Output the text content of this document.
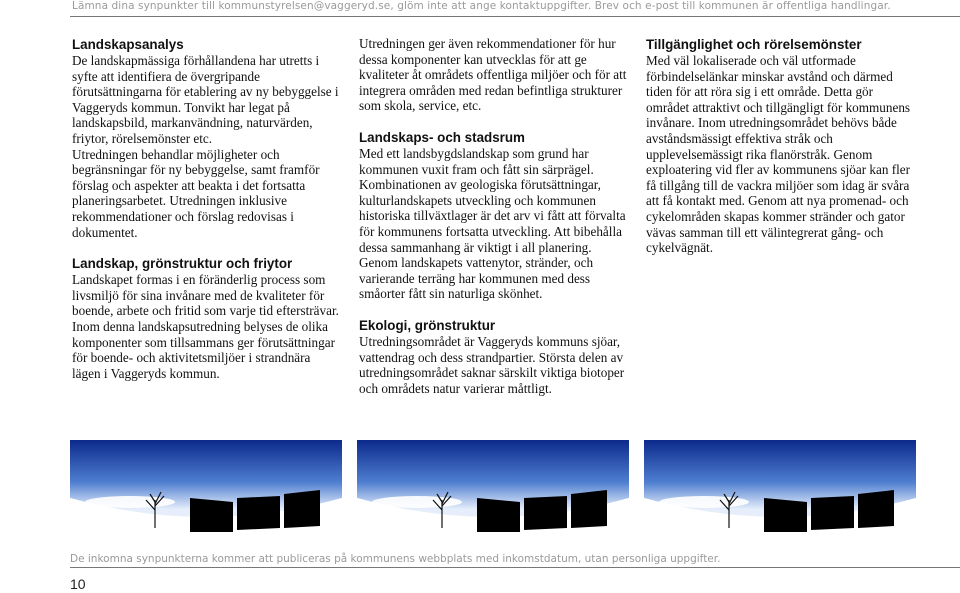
Lämna dina synpunkter till kommunstyrelsen@vaggeryd.se, glöm inte att ange kontaktuppgifter. Brev och e-post till kommunen är offentliga handlingar.
Landskapsanalys

De landskapmässiga förhållandena har utretts i syfte att identifiera de övergripande förutsättningarna för etablering av ny bebyggelse i Vaggeryds kommun. Tonvikt har legat på landskapsbild, markanvändning, naturvärden, friytor, rörelsemönster etc.

Utredningen behandlar möjligheter och begränsningar för ny bebyggelse, samt framför förslag och aspekter att beakta i det fortsatta planeringsarbetet. Utredningen inklusive rekommendationer och förslag redovisas i dokumentet.

Landskap, grönstruktur och friytor

Landskapet formas i en föränderlig process som livsmiljö för sina invånare med de kvaliteter för boende, arbete och fritid som varje tid eftersträvar. Inom denna landskapsutredning belyses de olika komponenter som tillsammans ger förutsättningar för boende- och aktivitetsmiljöer i strandnära lägen i Vaggeryds kommun.

Utredningen ger även rekommendationer för hur dessa komponenter kan utvecklas för att ge kvaliteter åt områdets offentliga miljöer och för att integrera områden med redan befintliga strukturer som skola, service, etc.

Landskaps- och stadsrum

Med ett landsbygdslandskap som grund har kommunen vuxit fram och fått sin särprägel. Kombinationen av geologiska förutsättningar, kulturlandskapets utveckling och kommunen historiska tillväxtlager är det arv vi fått att förvalta för kommunens fortsatta utveckling. Att bibehålla dessa sammanhang är viktigt i all planering. Genom landskapets vattenytor, stränder, och varierande terräng har kommunen med dess småorter fått sin naturliga skönhet.

Ekologi, grönstruktur

Utredningsområdet är Vaggeryds kommuns sjöar, vattendrag och dess strandpartier. Största delen av utredningsområdet saknar särskilt viktiga biotoper och områdets natur varierar måttligt.

Tillgänglighet och rörelsemönster

Med väl lokaliserade och väl utformade förbindelselänkar minskar avstånd och därmed tiden för att röra sig i ett område. Detta gör området attraktivt och tillgängligt för kommunens invånare. Inom utredningsområdet behövs både avståndsmässigt effektiva stråk och upplevelsemässigt rika flanörstråk. Genom exploatering vid fler av kommunens sjöar kan fler få tillgång till de vackra miljöer som idag är svåra att få kontakt med. Genom att nya promenad- och cykelområden skapas kommer stränder och gator vävas samman till ett välintegrerat gång- och cykelvägnät.

De inkomna synpunkterna kommer att publiceras på kommunens webbplats med inkomstdatum, utan personliga uppgifter.
10
